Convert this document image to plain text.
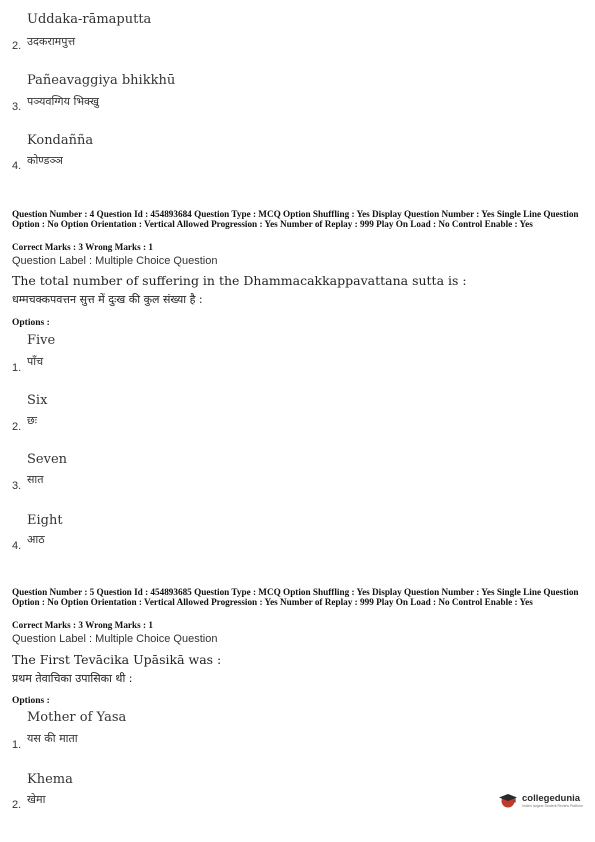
Uddaka-rāmaputta
2. उदकरामपुत्त
Pañeavaggiya bhikkhū
3. पञ्यवग्गिय भिक्खु
Kondañña
4. कोण्डञ्ञ
Question Number : 4 Question Id : 454893684 Question Type : MCQ Option Shuffling : Yes Display Question Number : Yes Single Line Question Option : No Option Orientation : Vertical Allowed Progression : Yes Number of Replay : 999 Play On Load : No Control Enable : Yes
Correct Marks : 3 Wrong Marks : 1
Question Label : Multiple Choice Question
The total number of suffering in the Dhammacakkappavattana sutta is :
धम्मचक्कपवत्तन सुत्त में दुःख की कुल संख्या है :
Options :
Five
1. पाँच
Six
2. छः
Seven
3. सात
Eight
4. आठ
Question Number : 5 Question Id : 454893685 Question Type : MCQ Option Shuffling : Yes Display Question Number : Yes Single Line Question Option : No Option Orientation : Vertical Allowed Progression : Yes Number of Replay : 999 Play On Load : No Control Enable : Yes
Correct Marks : 3 Wrong Marks : 1
Question Label : Multiple Choice Question
The First Tevācika Upāsikā was :
प्रथम तेवाचिका उपासिका थी :
Options :
Mother of Yasa
1. यस की माता
Khema
2. खेमा	collegedunia
India's largest Student Review Platform
